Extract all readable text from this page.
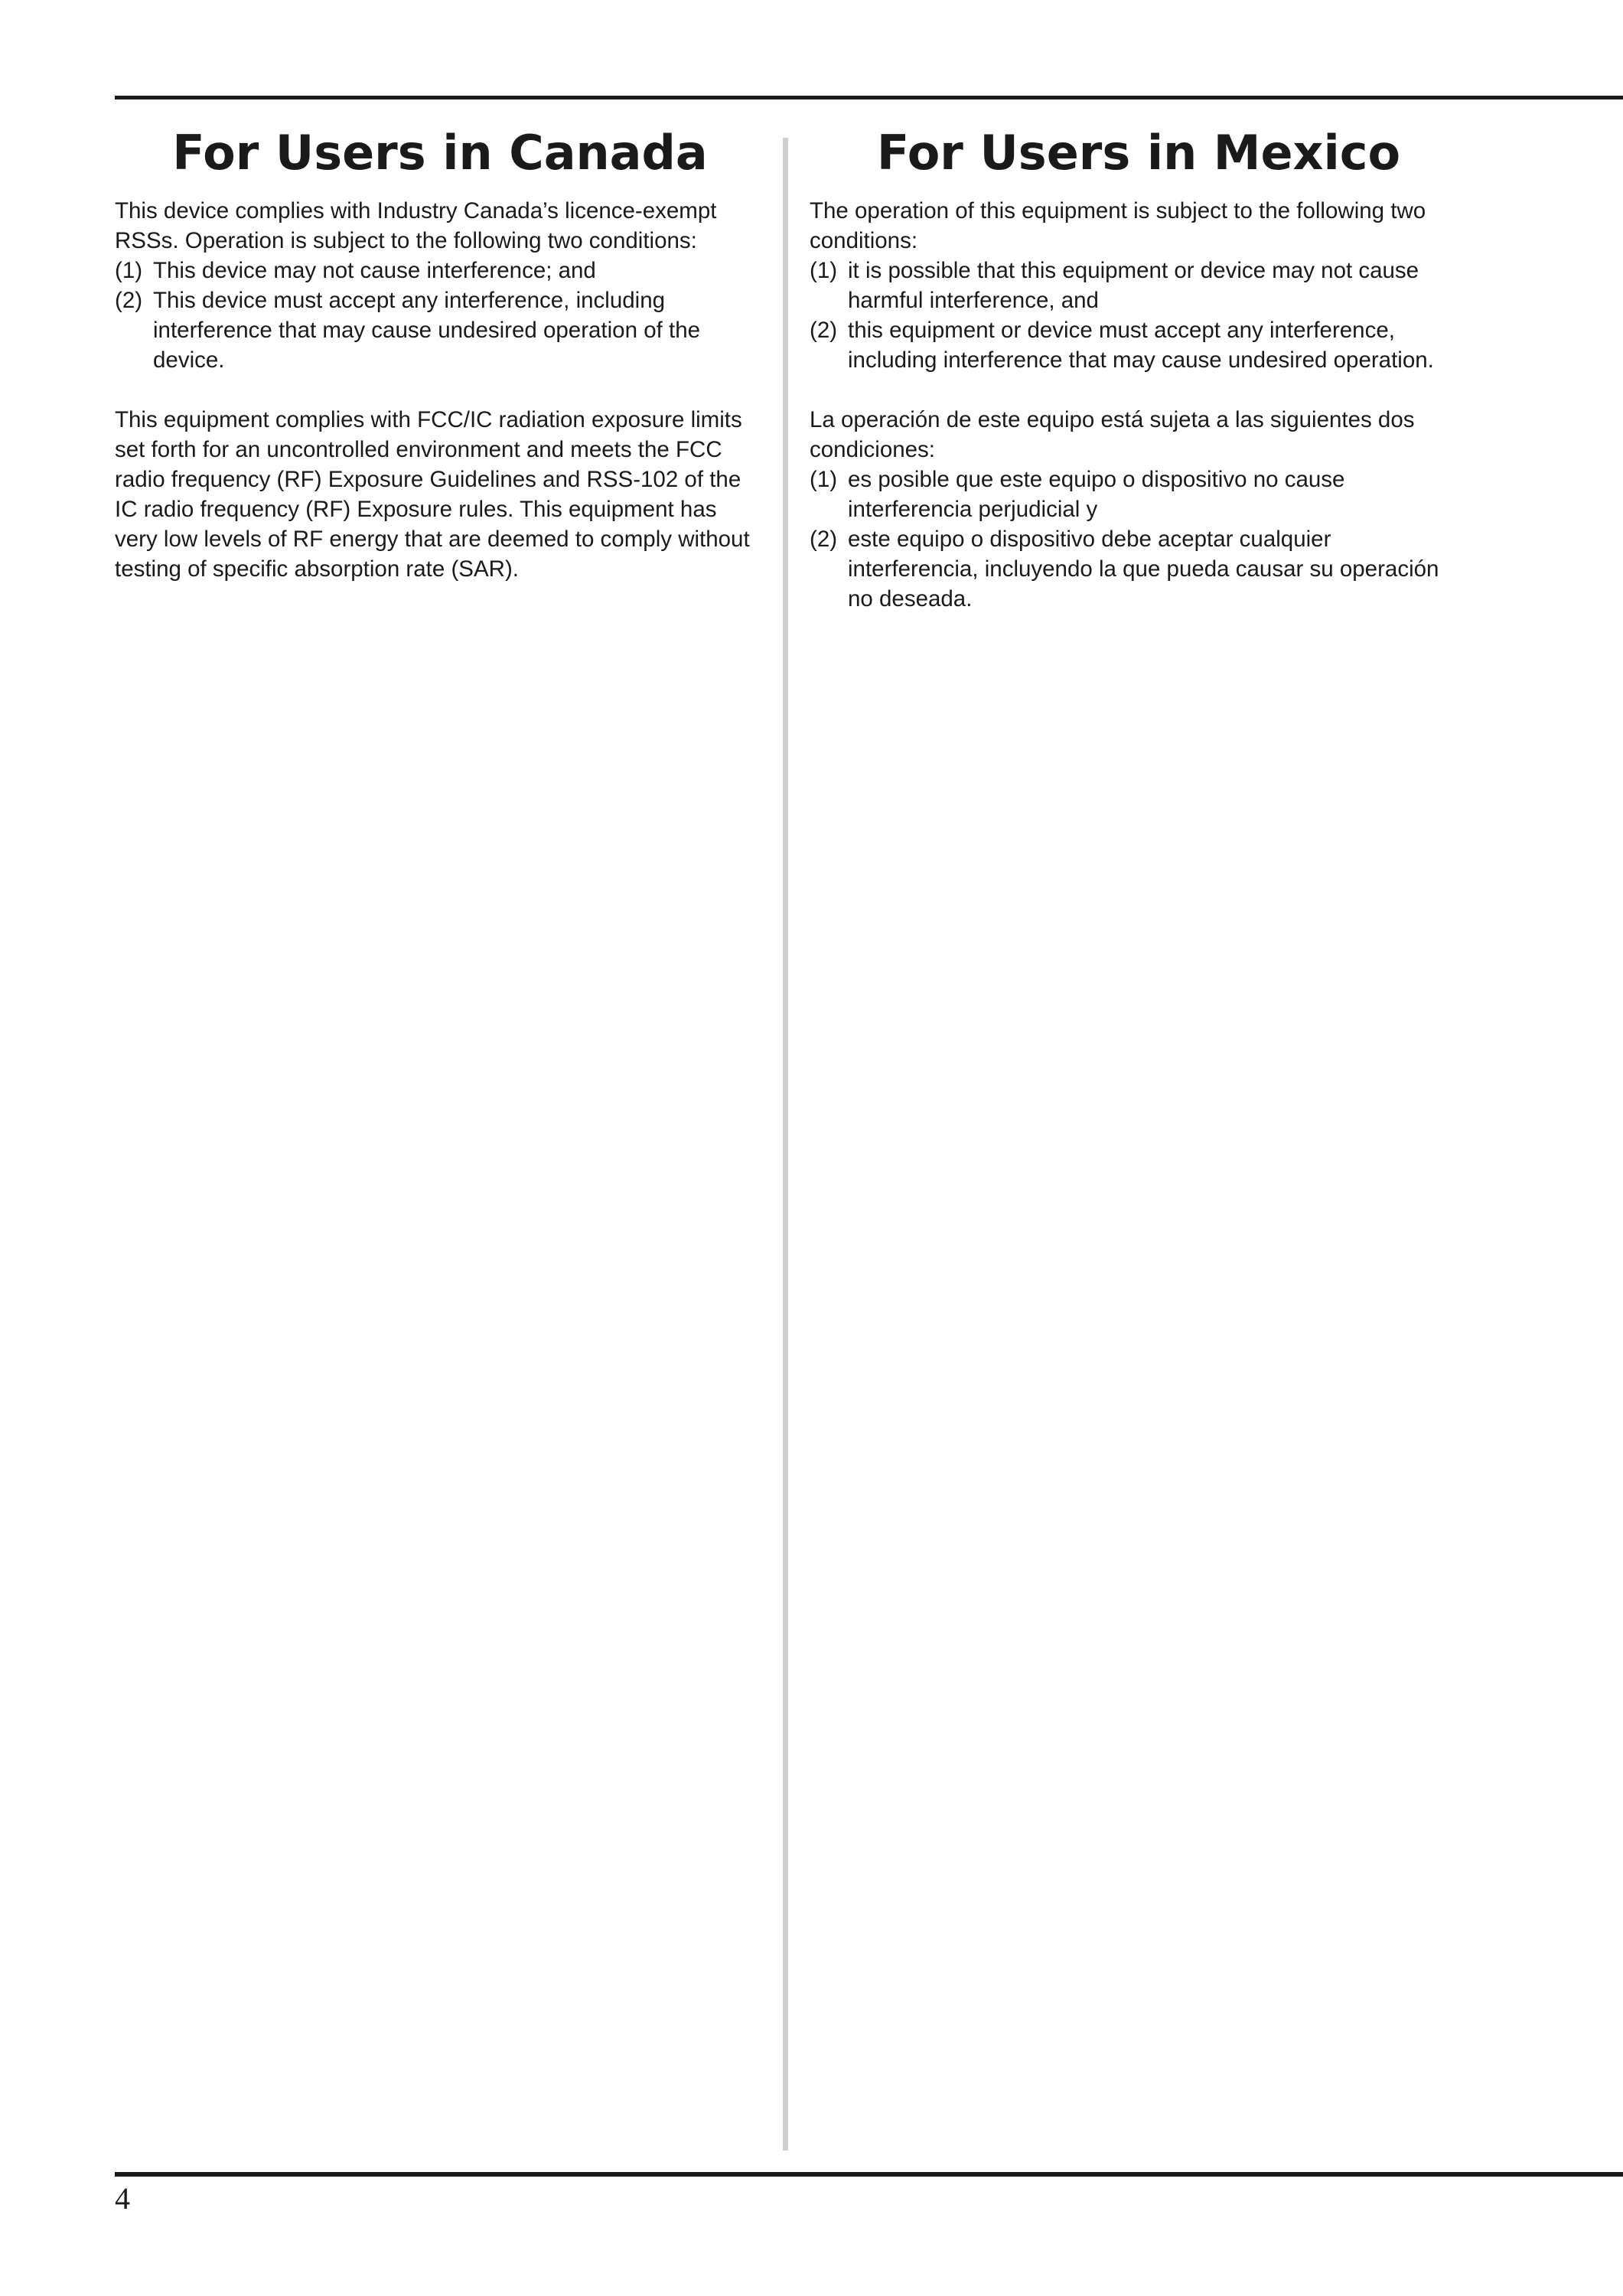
For Users in Canada

This device complies with Industry Canada’s licence-exempt RSSs. Operation is subject to the following two conditions:

(1) This device may not cause interference; and
(2) This device must accept any interference, including interference that may cause undesired operation of the device.

This equipment complies with FCC/IC radiation exposure limits set forth for an uncontrolled environment and meets the FCC radio frequency (RF) Exposure Guidelines and RSS-102 of the IC radio frequency (RF) Exposure rules. This equipment has very low levels of RF energy that are deemed to comply without testing of specific absorption rate (SAR).

For Users in Mexico

The operation of this equipment is subject to the following two conditions:

(1) it is possible that this equipment or device may not cause harmful interference, and
(2) this equipment or device must accept any interference, including interference that may cause undesired operation.

La operación de este equipo está sujeta a las siguientes dos condiciones:

(1) es posible que este equipo o dispositivo no cause interferencia perjudicial y
(2) este equipo o dispositivo debe aceptar cualquier interferencia, incluyendo la que pueda causar su operación no deseada.
4
